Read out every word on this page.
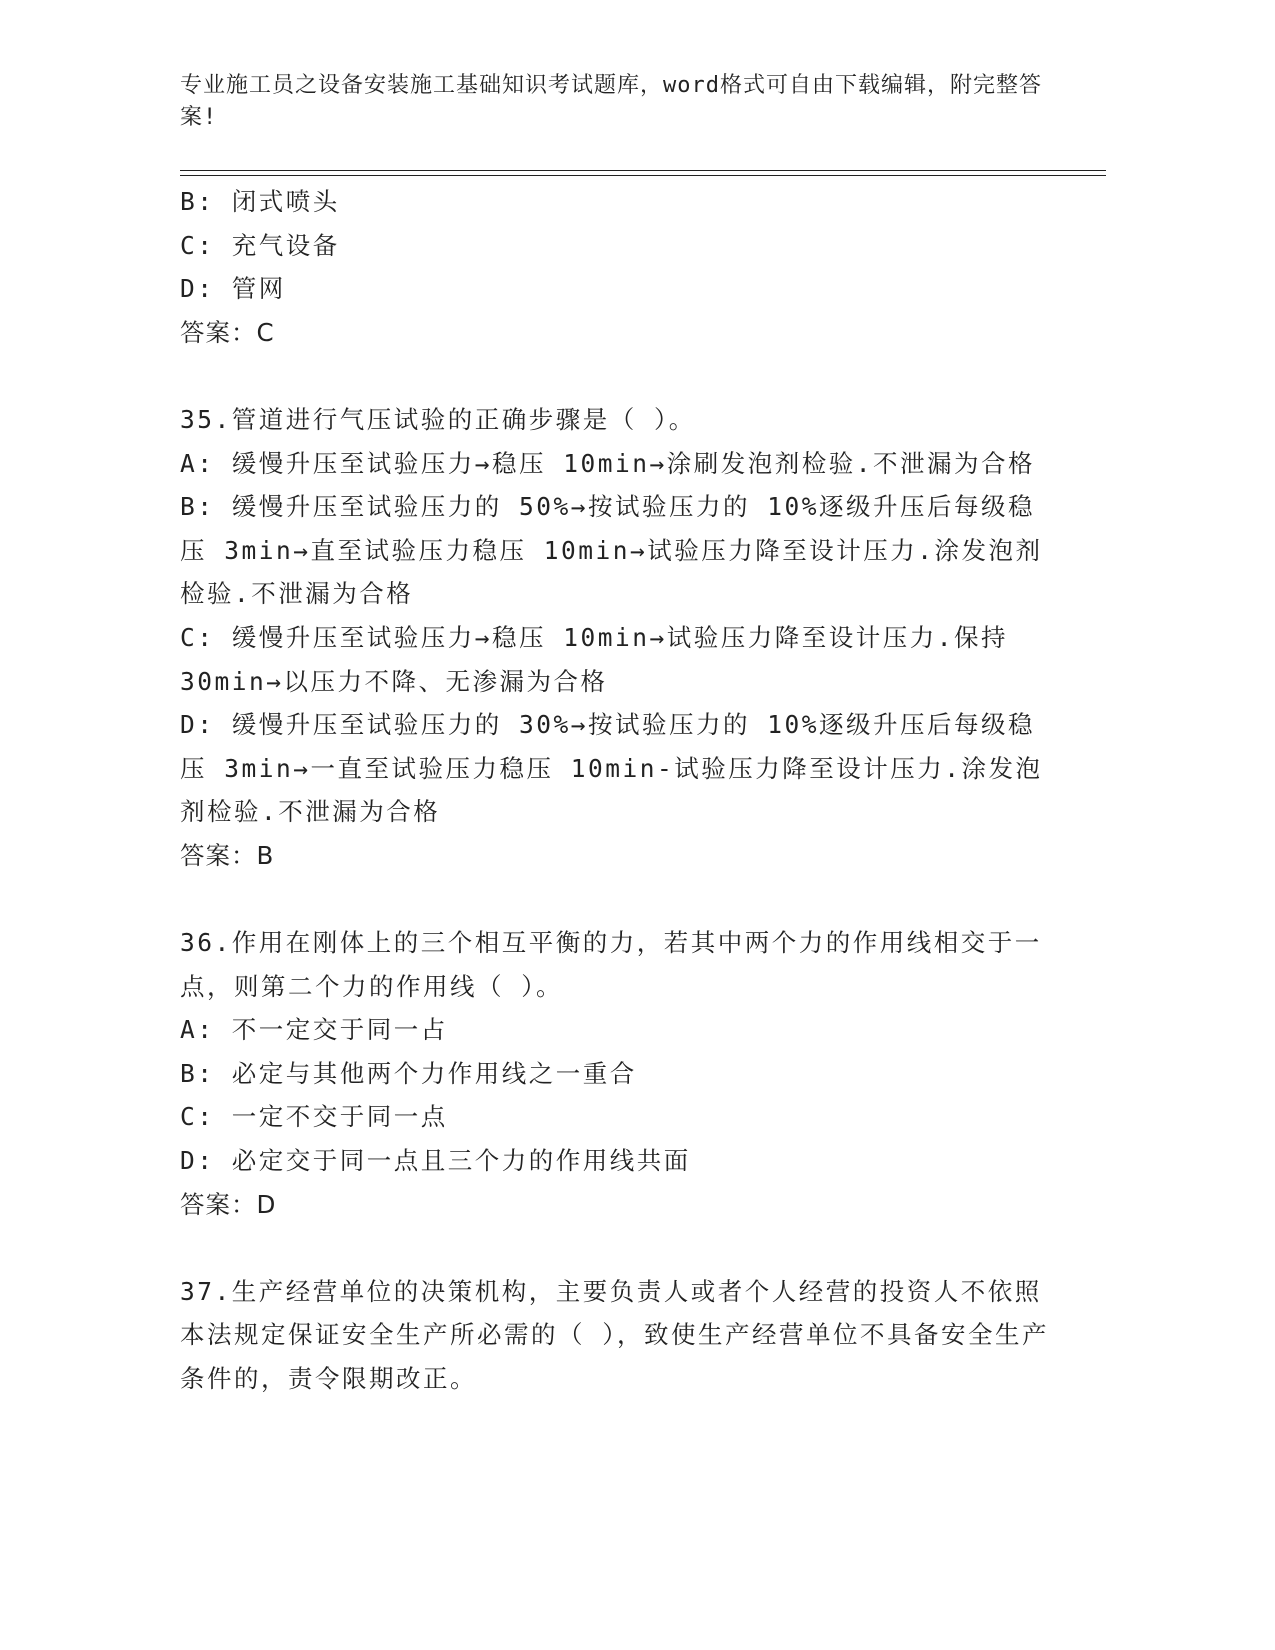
专业施工员之设备安装施工基础知识考试题库，word格式可自由下载编辑，附完整答案!
B: 闭式喷头
C: 充气设备
D: 管网
答案：C
35.管道进行气压试验的正确步骤是（ ）。
A: 缓慢升压至试验压力→稳压 10min→涂刷发泡剂检验.不泄漏为合格
B: 缓慢升压至试验压力的 50%→按试验压力的 10%逐级升压后每级稳压 3min→直至试验压力稳压 10min→试验压力降至设计压力.涂发泡剂检验.不泄漏为合格
C: 缓慢升压至试验压力→稳压 10min→试验压力降至设计压力.保持30min→以压力不降、无渗漏为合格
D: 缓慢升压至试验压力的 30%→按试验压力的 10%逐级升压后每级稳压 3min→一直至试验压力稳压 10min-试验压力降至设计压力.涂发泡剂检验.不泄漏为合格
答案：B
36.作用在刚体上的三个相互平衡的力，若其中两个力的作用线相交于一点，则第二个力的作用线（ ）。
A: 不一定交于同一占
B: 必定与其他两个力作用线之一重合
C: 一定不交于同一点
D: 必定交于同一点且三个力的作用线共面
答案：D
37.生产经营单位的决策机构，主要负责人或者个人经营的投资人不依照本法规定保证安全生产所必需的（ ），致使生产经营单位不具备安全生产条件的，责令限期改正。
